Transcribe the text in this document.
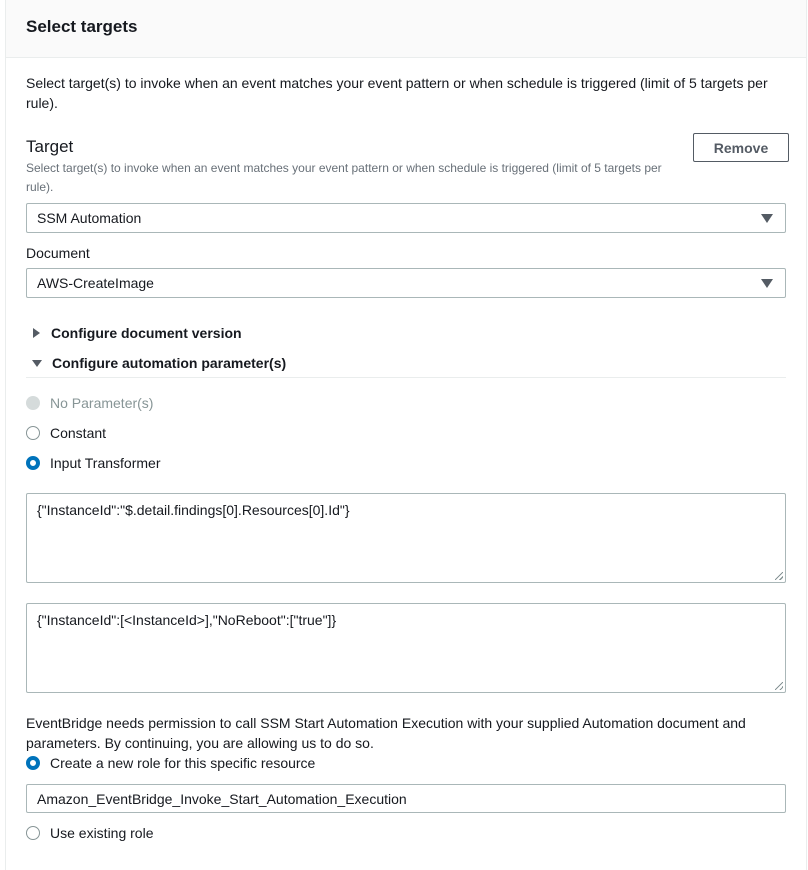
Select targets
Select target(s) to invoke when an event matches your event pattern or when schedule is triggered (limit of 5 targets per rule).
Target
Select target(s) to invoke when an event matches your event pattern or when schedule is triggered (limit of 5 targets per rule).
Remove
SSM Automation
Document
AWS-CreateImage
Configure document version
Configure automation parameter(s)
No Parameter(s)
Constant
Input Transformer
{"InstanceId":"$.detail.findings[0].Resources[0].Id"}
{"InstanceId":[<InstanceId>],"NoReboot":["true"]}
EventBridge needs permission to call SSM Start Automation Execution with your supplied Automation document and parameters. By continuing, you are allowing us to do so.
Create a new role for this specific resource
Amazon_EventBridge_Invoke_Start_Automation_Execution
Use existing role
